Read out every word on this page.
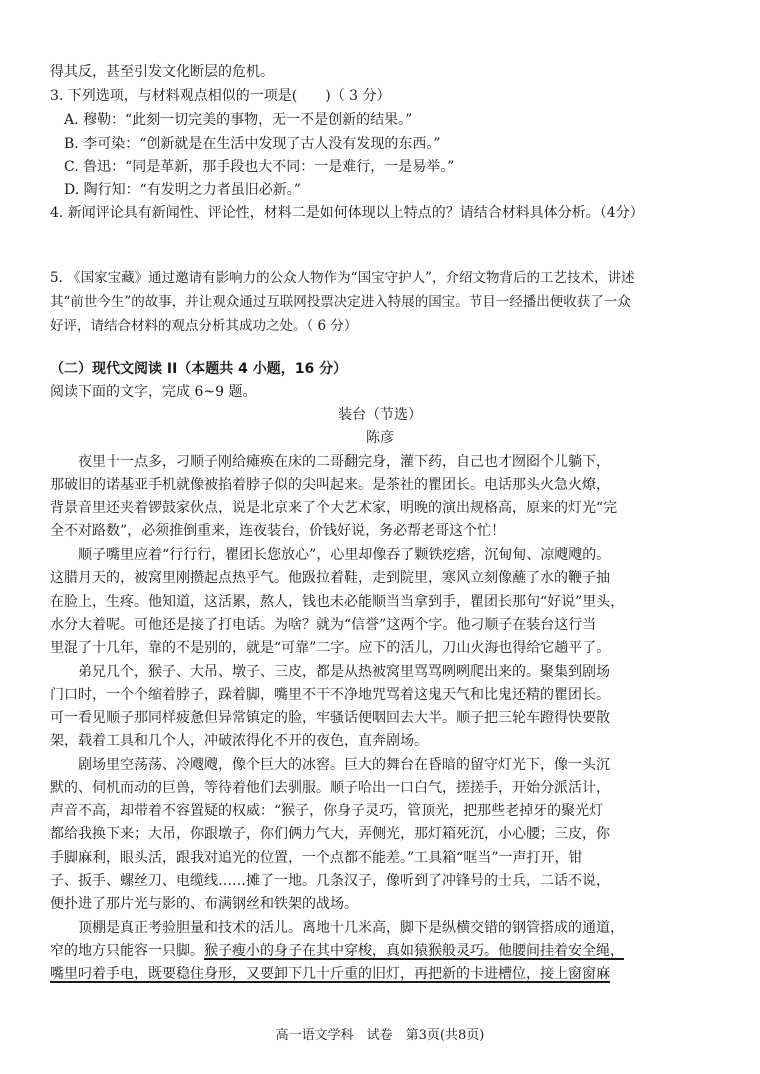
得其反，甚至引发文化断层的危机。
3. 下列选项，与材料观点相似的一项是(　　)（ 3 分）
A. 穆勒：“此刻一切完美的事物，无一不是创新的结果。”
B. 李可染：“创新就是在生活中发现了古人没有发现的东西。”
C. 鲁迅：“同是革新，那手段也大不同：一是难行，一是易举。”
D. 陶行知：“有发明之力者虽旧必新。”
4. 新闻评论具有新闻性、评论性，材料二是如何体现以上特点的？请结合材料具体分析。（4分）
5. 《国家宝藏》通过邀请有影响力的公众人物作为“国宝守护人”，介绍文物背后的工艺技术，讲述
其“前世今生”的故事，并让观众通过互联网投票决定进入特展的国宝。节目一经播出便收获了一众
好评，请结合材料的观点分析其成功之处。（ 6 分）
（二）现代文阅读 II（本题共 4 小题，16 分）
阅读下面的文字，完成 6~9 题。
装台（节选）
陈彦
夜里十一点多，刁顺子刚给瘫痪在床的二哥翻完身，灌下药，自己也才囫囵个儿躺下，
那破旧的诺基亚手机就像被掐着脖子似的尖叫起来。是茶社的瞿团长。电话那头火急火燎，
背景音里还夹着锣鼓家伙点，说是北京来了个大艺术家，明晚的演出规格高，原来的灯光“完
全不对路数”，必须推倒重来，连夜装台，价钱好说，务必帮老哥这个忙！
顺子嘴里应着“行行行，瞿团长您放心”，心里却像吞了颗铁疙瘩，沉甸甸、凉飕飕的。
这腊月天的，被窝里刚攒起点热乎气。他趿拉着鞋，走到院里，寒风立刻像蘸了水的鞭子抽
在脸上，生疼。他知道，这活累，熬人，钱也未必能顺当当拿到手，瞿团长那句“好说”里头，
水分大着呢。可他还是接了打电话。为啥？就为“信誉”这两个字。他刁顺子在装台这行当
里混了十几年，靠的不是别的，就是“可靠”二字。应下的活儿，刀山火海也得给它趟平了。
弟兄几个，猴子、大吊、墩子、三皮，都是从热被窝里骂骂咧咧爬出来的。聚集到剧场
门口时，一个个缩着脖子，跺着脚，嘴里不干不净地咒骂着这鬼天气和比鬼还精的瞿团长。
可一看见顺子那同样疲惫但异常镇定的脸，牢骚话便咽回去大半。顺子把三轮车蹬得快要散
架，载着工具和几个人，冲破浓得化不开的夜色，直奔剧场。
剧场里空荡荡、冷飕飕，像个巨大的冰窖。巨大的舞台在昏暗的留守灯光下，像一头沉
默的、伺机而动的巨兽，等待着他们去驯服。顺子哈出一口白气，搓搓手，开始分派活计，
声音不高，却带着不容置疑的权威：“猴子，你身子灵巧，管顶光，把那些老掉牙的聚光灯
都给我换下来；大吊，你跟墩子，你们俩力气大，弄侧光，那灯箱死沉，小心腰；三皮，你
手脚麻利，眼头活，跟我对追光的位置，一个点都不能差。”工具箱“哐当”一声打开，钳
子、扳手、螺丝刀、电缆线……摊了一地。几条汉子，像听到了冲锋号的士兵，二话不说，
便扑进了那片光与影的、布满钢丝和铁架的战场。
顶棚是真正考验胆量和技术的活儿。离地十几米高，脚下是纵横交错的钢管搭成的通道，
窄的地方只能容一只脚。猴子瘦小的身子在其中穿梭，真如猿猴般灵巧。他腰间挂着安全绳，
嘴里叼着手电，既要稳住身形，又要卸下几十斤重的旧灯，再把新的卡进槽位，接上窗窗麻
高一语文学科　试卷　第3页(共8页)
